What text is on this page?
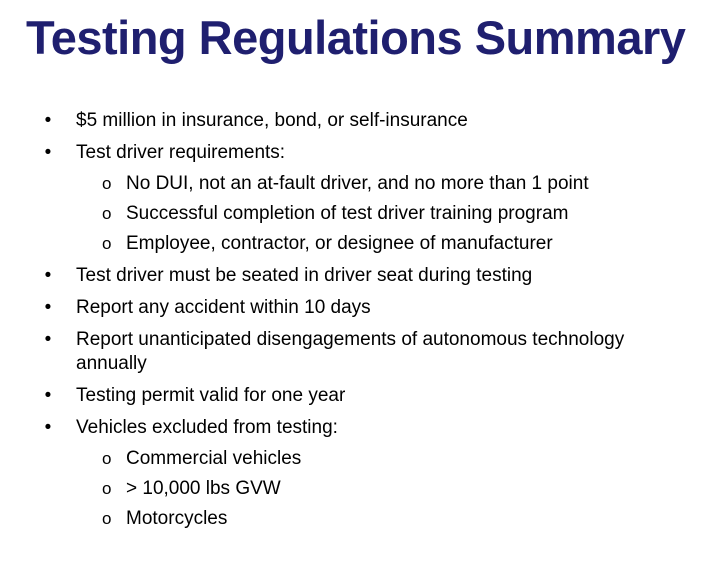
Testing Regulations Summary
• $5 million in insurance, bond, or self-insurance
• Test driver requirements:
o No DUI, not an at-fault driver, and no more than 1 point
o Successful completion of test driver training program
o Employee, contractor, or designee of manufacturer
• Test driver must be seated in driver seat during testing
• Report any accident within 10 days
• Report unanticipated disengagements of autonomous technology annually
• Testing permit valid for one year
• Vehicles excluded from testing:
o Commercial vehicles
o > 10,000 lbs GVW
o Motorcycles
